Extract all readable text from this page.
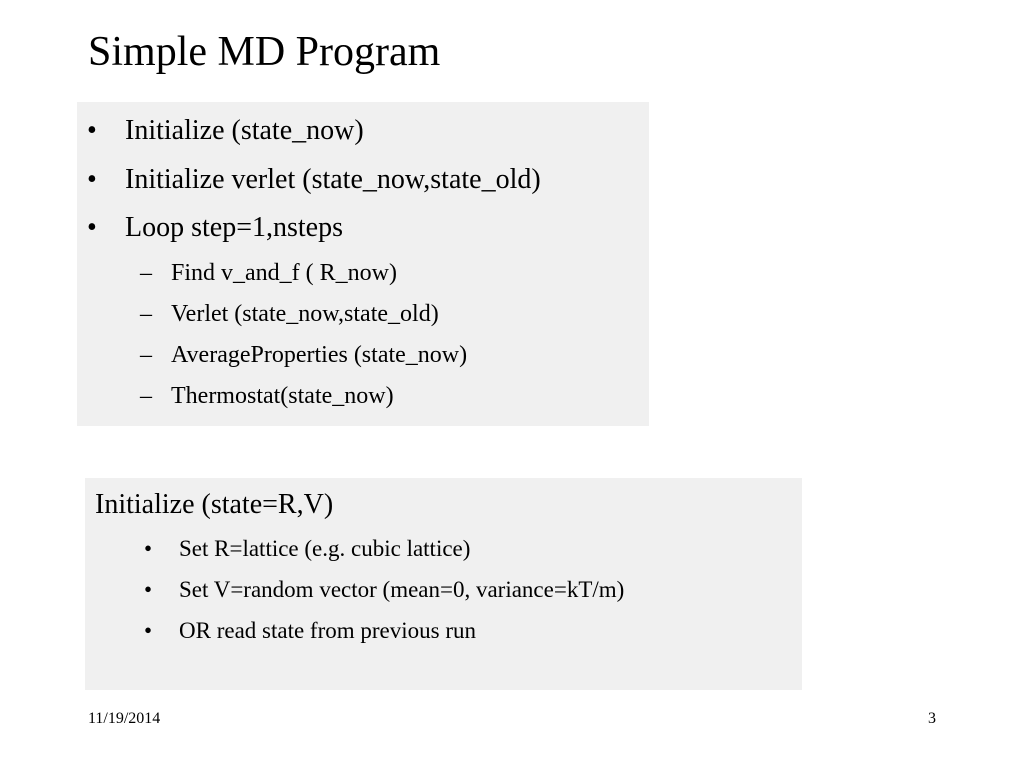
Simple MD Program
• Initialize (state_now)
• Initialize verlet (state_now,state_old)
• Loop step=1,nsteps
– Find v_and_f ( R_now)
– Verlet (state_now,state_old)
– AverageProperties (state_now)
– Thermostat(state_now)
Initialize (state=R,V)
• Set R=lattice (e.g. cubic lattice)
• Set V=random vector (mean=0, variance=kT/m)
• OR read state from previous run
11/19/2014	3
